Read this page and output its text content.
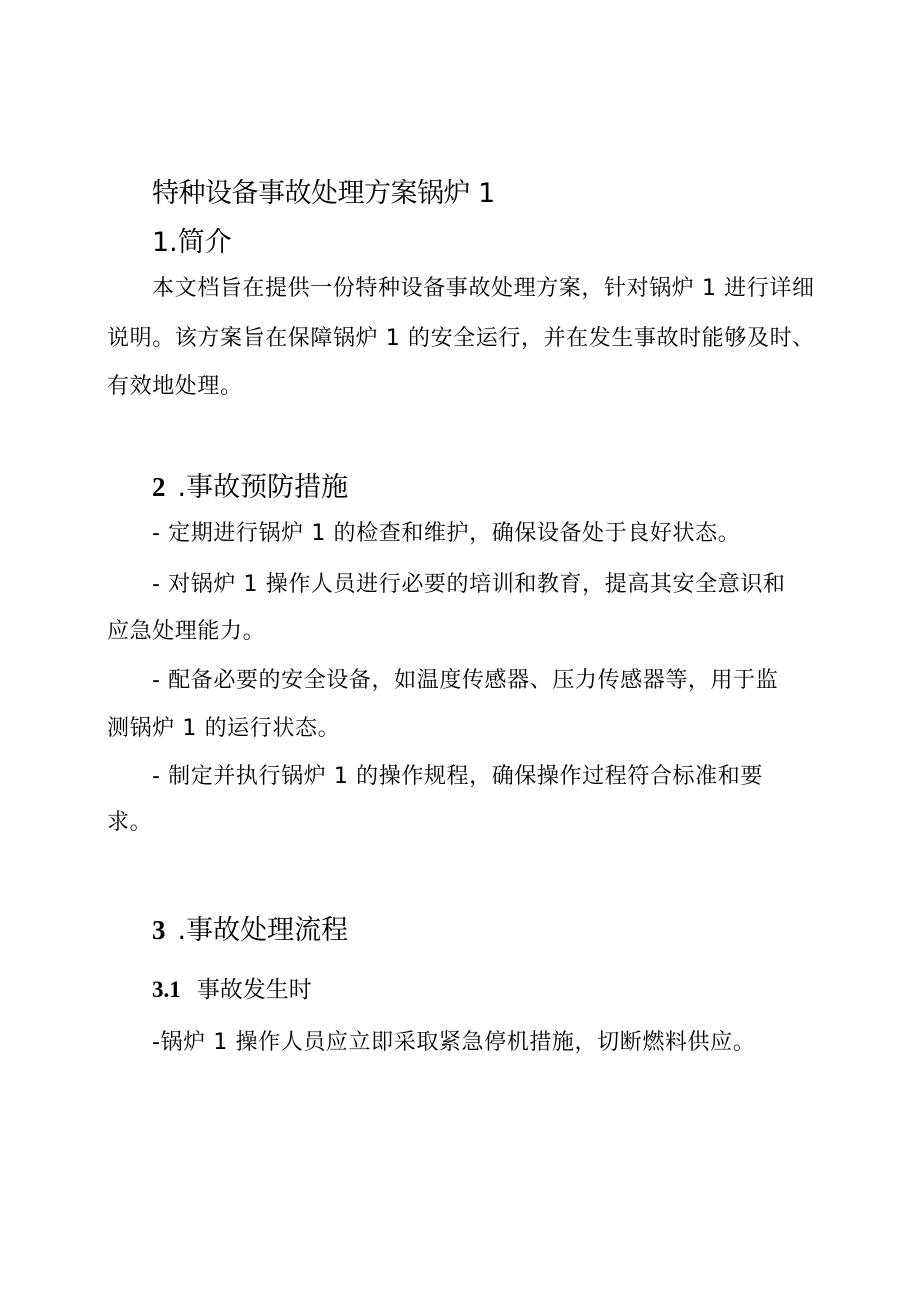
特种设备事故处理方案锅炉 1
1.简介
本文档旨在提供一份特种设备事故处理方案，针对锅炉 1 进行详细
说明。该方案旨在保障锅炉 1 的安全运行，并在发生事故时能够及时、
有效地处理。
2 .事故预防措施
- 定期进行锅炉 1 的检查和维护，确保设备处于良好状态。
- 对锅炉 1 操作人员进行必要的培训和教育，提高其安全意识和
应急处理能力。
- 配备必要的安全设备，如温度传感器、压力传感器等，用于监
测锅炉 1 的运行状态。
- 制定并执行锅炉 1 的操作规程，确保操作过程符合标准和要
求。
3 .事故处理流程
3.1 事故发生时
-锅炉 1 操作人员应立即采取紧急停机措施，切断燃料供应。
